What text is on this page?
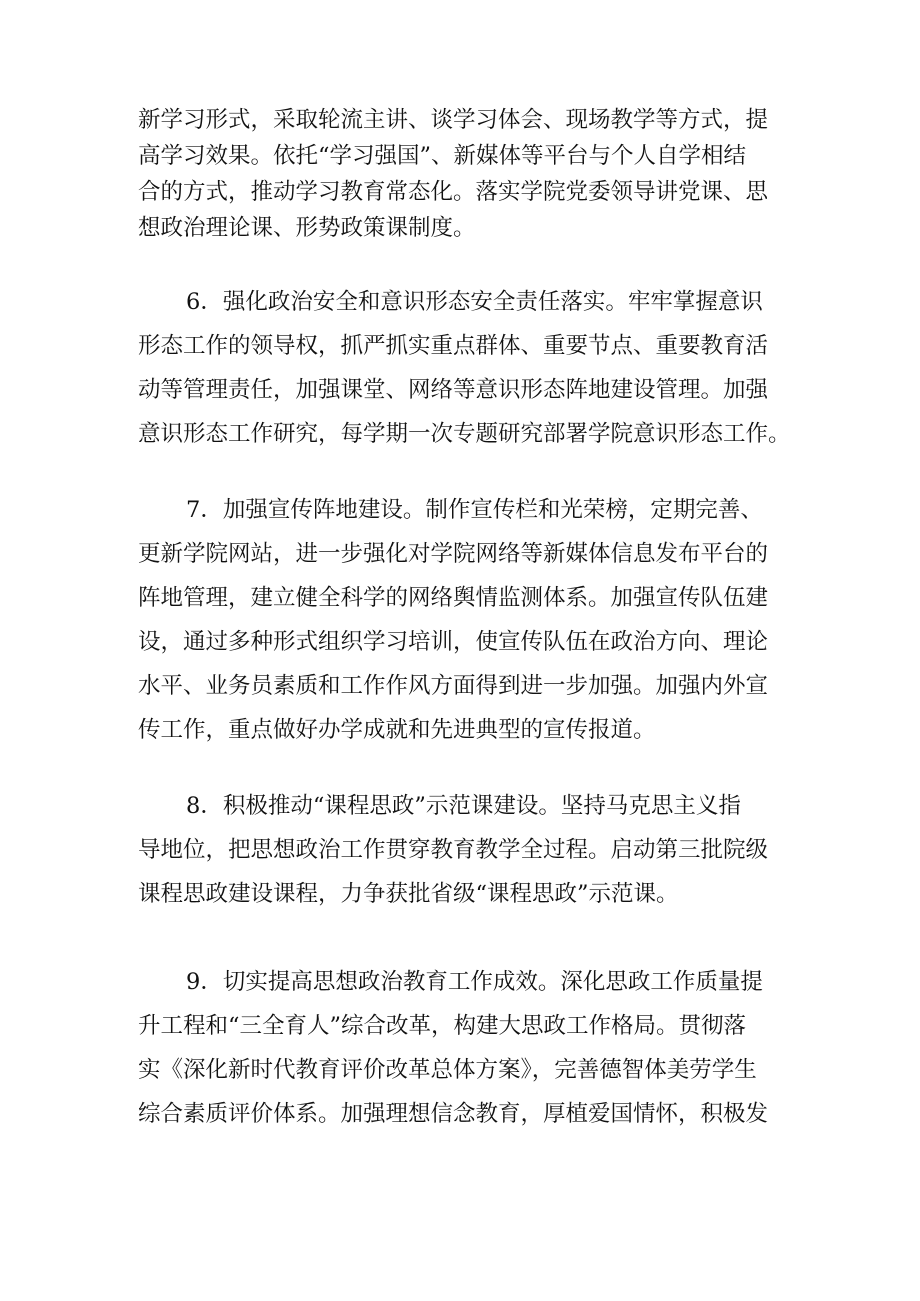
新学习形式，采取轮流主讲、谈学习体会、现场教学等方式，提
高学习效果。依托“学习强国”、新媒体等平台与个人自学相结
合的方式，推动学习教育常态化。落实学院党委领导讲党课、思
想政治理论课、形势政策课制度。
6．强化政治安全和意识形态安全责任落实。牢牢掌握意识
形态工作的领导权，抓严抓实重点群体、重要节点、重要教育活
动等管理责任，加强课堂、网络等意识形态阵地建设管理。加强
意识形态工作研究，每学期一次专题研究部署学院意识形态工作。
7．加强宣传阵地建设。制作宣传栏和光荣榜，定期完善、
更新学院网站，进一步强化对学院网络等新媒体信息发布平台的
阵地管理，建立健全科学的网络舆情监测体系。加强宣传队伍建
设，通过多种形式组织学习培训，使宣传队伍在政治方向、理论
水平、业务员素质和工作作风方面得到进一步加强。加强内外宣
传工作，重点做好办学成就和先进典型的宣传报道。
8．积极推动“课程思政”示范课建设。坚持马克思主义指
导地位，把思想政治工作贯穿教育教学全过程。启动第三批院级
课程思政建设课程，力争获批省级“课程思政”示范课。
9．切实提高思想政治教育工作成效。深化思政工作质量提
升工程和“三全育人”综合改革，构建大思政工作格局。贯彻落
实《深化新时代教育评价改革总体方案》，完善德智体美劳学生
综合素质评价体系。加强理想信念教育，厚植爱国情怀，积极发
